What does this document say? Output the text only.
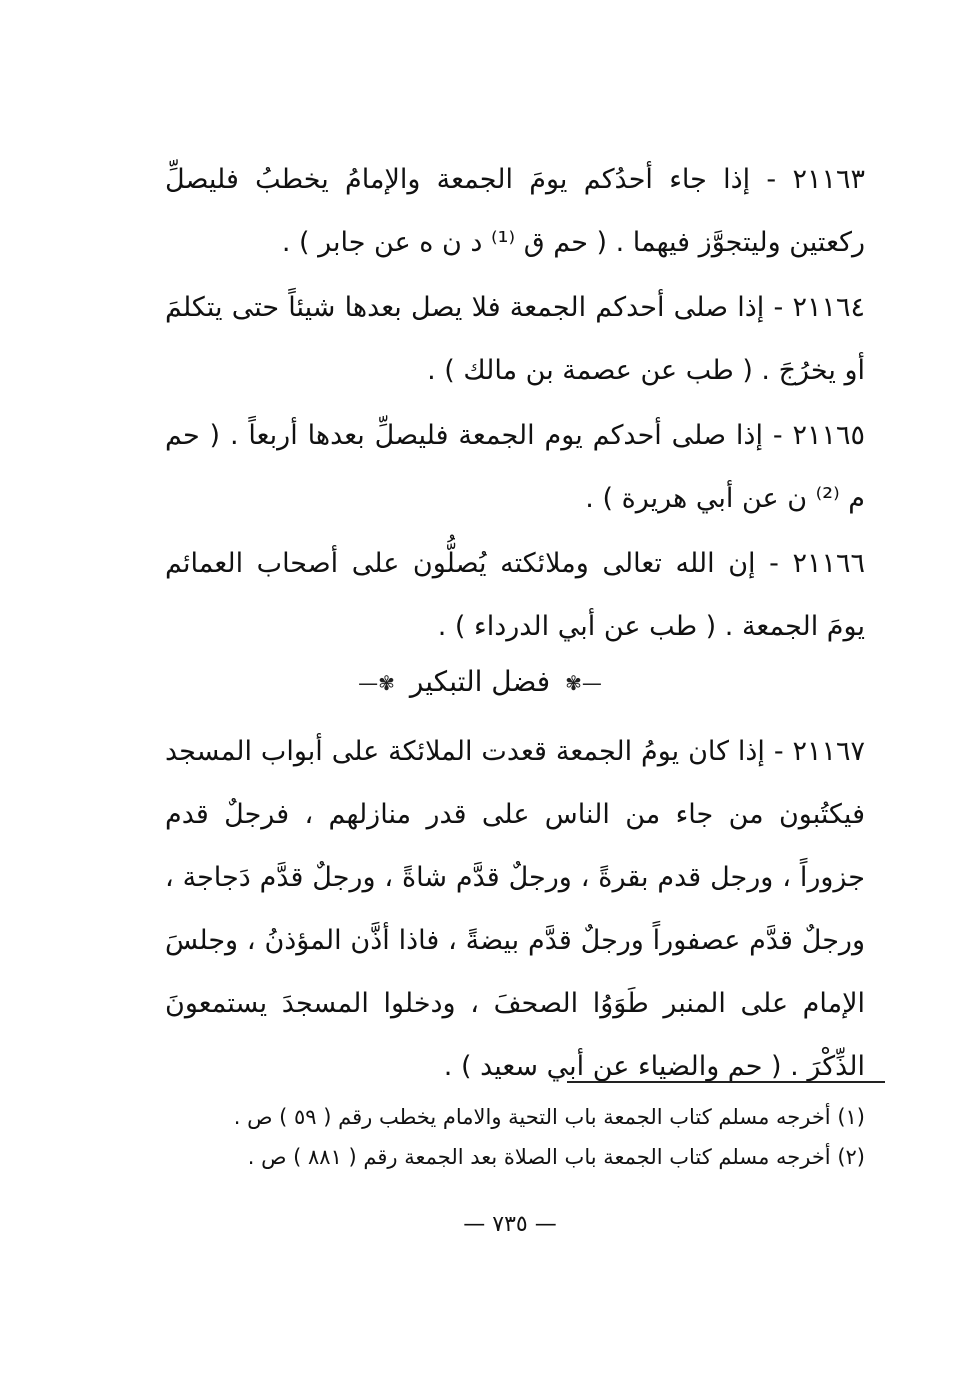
٢١١٦٣ - إذا جاء أحدُكم يومَ الجمعة والإمامُ يخطبُ فليصلِّ ركعتين وليتجوَّز فيهما . ( حم ق ⁽¹⁾ د ن ه عن جابر ) .
٢١١٦٤ - إذا صلى أحدكم الجمعة فلا يصل بعدها شيئاً حتى يتكلمَ أو يخرُجَ . ( طب عن عصمة بن مالك ) .
٢١١٦٥ - إذا صلى أحدكم يوم الجمعة فليصلِّ بعدها أربعاً . ( حم م ⁽²⁾ ن عن أبي هريرة ) .
٢١١٦٦ - إن الله تعالى وملائكته يُصلُّون على أصحاب العمائم يومَ الجمعة . ( طب عن أبي الدرداء ) .
—✾ فضل التبكير ✾—
٢١١٦٧ - إذا كان يومُ الجمعة قعدت الملائكة على أبواب المسجد فيكتُبون من جاء من الناس على قدر منازلهم ، فرجلٌ قدم جزوراً ، ورجل قدم بقرةً ، ورجلٌ قدَّم شاةً ، ورجلٌ قدَّم دَجاجة ، ورجلٌ قدَّم عصفوراً ورجلٌ قدَّم بيضةً ، فاذا أذَّن المؤذنُ ، وجلسَ الإمام على المنبر طَوَوُا الصحفَ ، ودخلوا المسجدَ يستمعونَ الذِّكْرَ . ( حم والضياء عن أبي سعيد ) .
(١) أخرجه مسلم كتاب الجمعة باب التحية والامام يخطب رقم ( ٥٩ ) ص .
(٢) أخرجه مسلم كتاب الجمعة باب الصلاة بعد الجمعة رقم ( ٨٨١ ) ص .
— ٧٣٥ —
